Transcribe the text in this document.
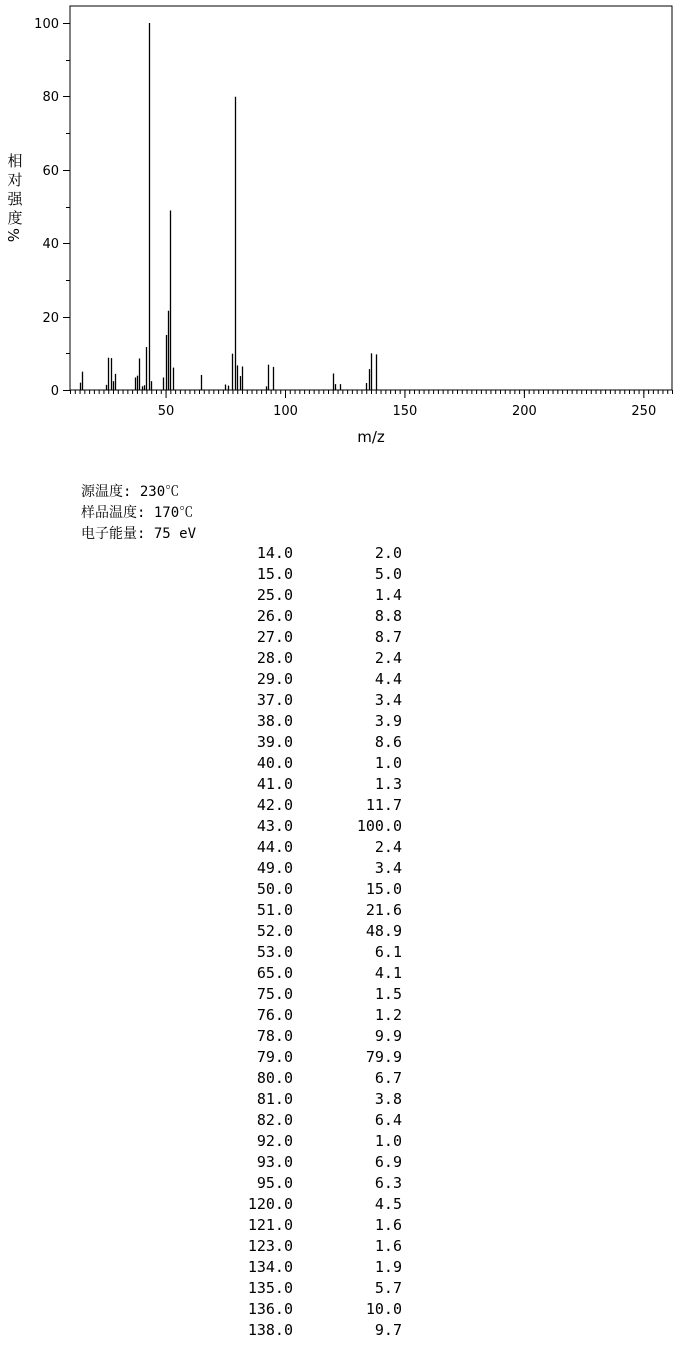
0
20
40
60
80
100
50	100	150	200	250
m/z
相
对
强
度
%
源温度: 230℃
样品温度: 170℃
电子能量: 75 eV
14.0	2.0
15.0	5.0
25.0	1.4
26.0	8.8
27.0	8.7
28.0	2.4
29.0	4.4
37.0	3.4
38.0	3.9
39.0	8.6
40.0	1.0
41.0	1.3
42.0	11.7
43.0	100.0
44.0	2.4
49.0	3.4
50.0	15.0
51.0	21.6
52.0	48.9
53.0	6.1
65.0	4.1
75.0	1.5
76.0	1.2
78.0	9.9
79.0	79.9
80.0	6.7
81.0	3.8
82.0	6.4
92.0	1.0
93.0	6.9
95.0	6.3
120.0	4.5
121.0	1.6
123.0	1.6
134.0	1.9
135.0	5.7
136.0	10.0
138.0	9.7
